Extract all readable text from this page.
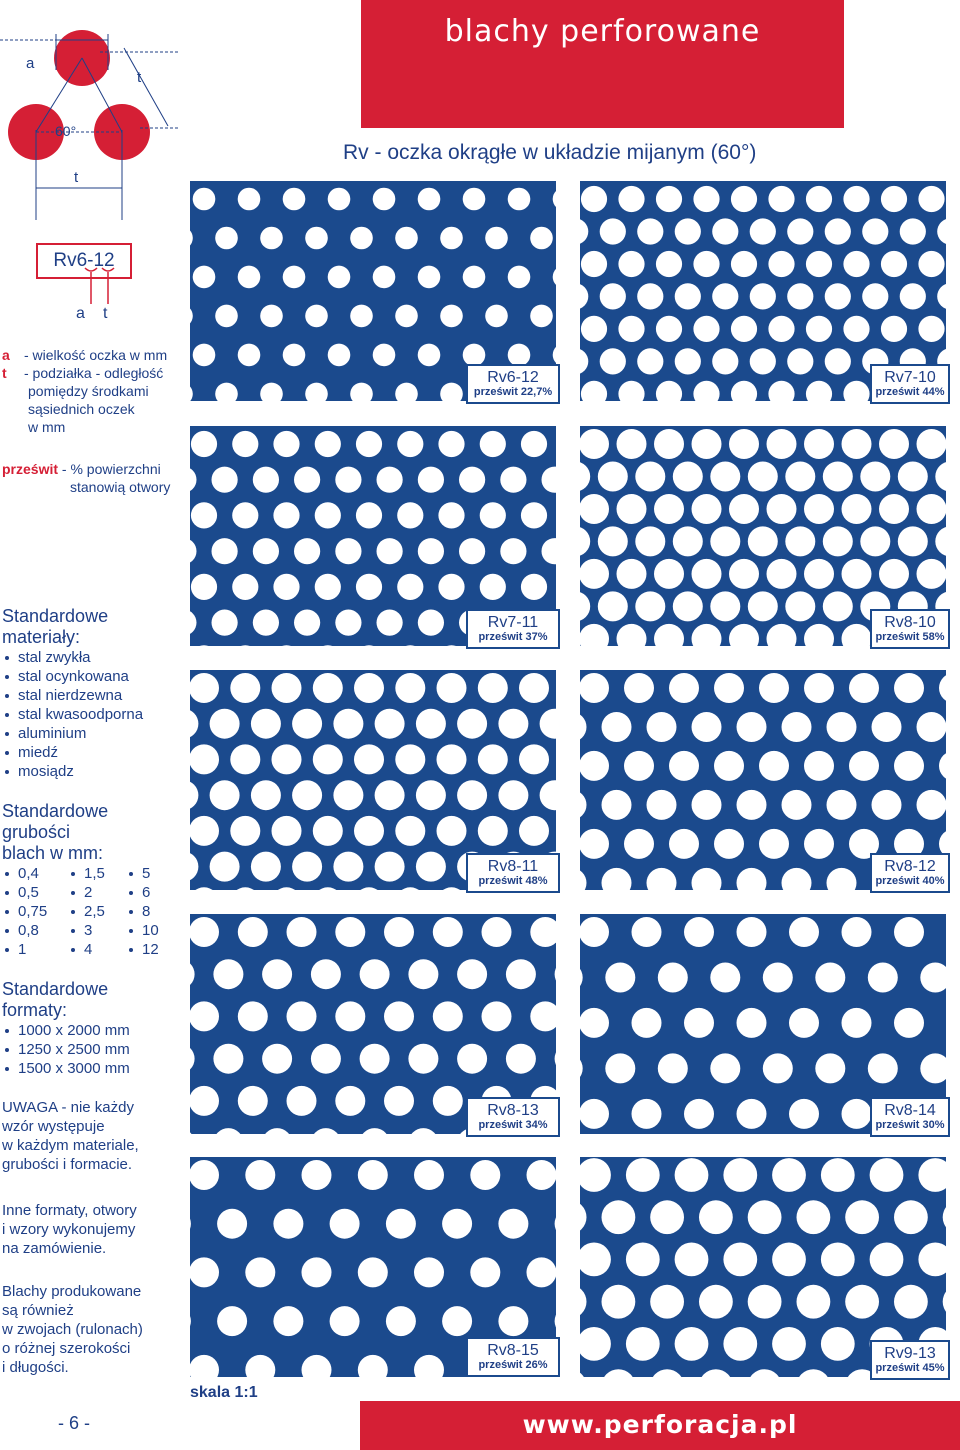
blachy perforowane
Rv - oczka okrągłe w układzie mijanym (60°)
a
t
60°
t
Rv6-12
a t
a - wielkość oczka w mm
t - podziałka - odległość
pomiędzy środkami
sąsiednich oczek
w mm
prześwit - % powierzchni
stanowią otwory
Standardowe
materiały:
stal zwykła
stal ocynkowana
stal nierdzewna
stal kwasoodporna
aluminium
miedź
mosiądz
Standardowe
grubości
blach w mm:
0,4	1,5	5
0,5	2	6
0,75	2,5	8
0,8	3	10
1	4	12
Standardowe
formaty:
1000 x 2000 mm
1250 x 2500 mm
1500 x 3000 mm
UWAGA - nie każdy
wzór występuje
w każdym materiale,
grubości i formacie.
Inne formaty, otwory
i wzory wykonujemy
na zamówienie.
Blachy produkowane
są również
w zwojach (rulonach)
o różnej szerokości
i długości.
Rv6-12
prześwit 22,7%
Rv7-10
prześwit 44%
Rv7-11
prześwit 37%
Rv8-10
prześwit 58%
Rv8-11
prześwit 48%
Rv8-12
prześwit 40%
Rv8-13
prześwit 34%
Rv8-14
prześwit 30%
Rv8-15
prześwit 26%
Rv9-13
prześwit 45%
skala 1:1
- 6 -	www.perforacja.pl
